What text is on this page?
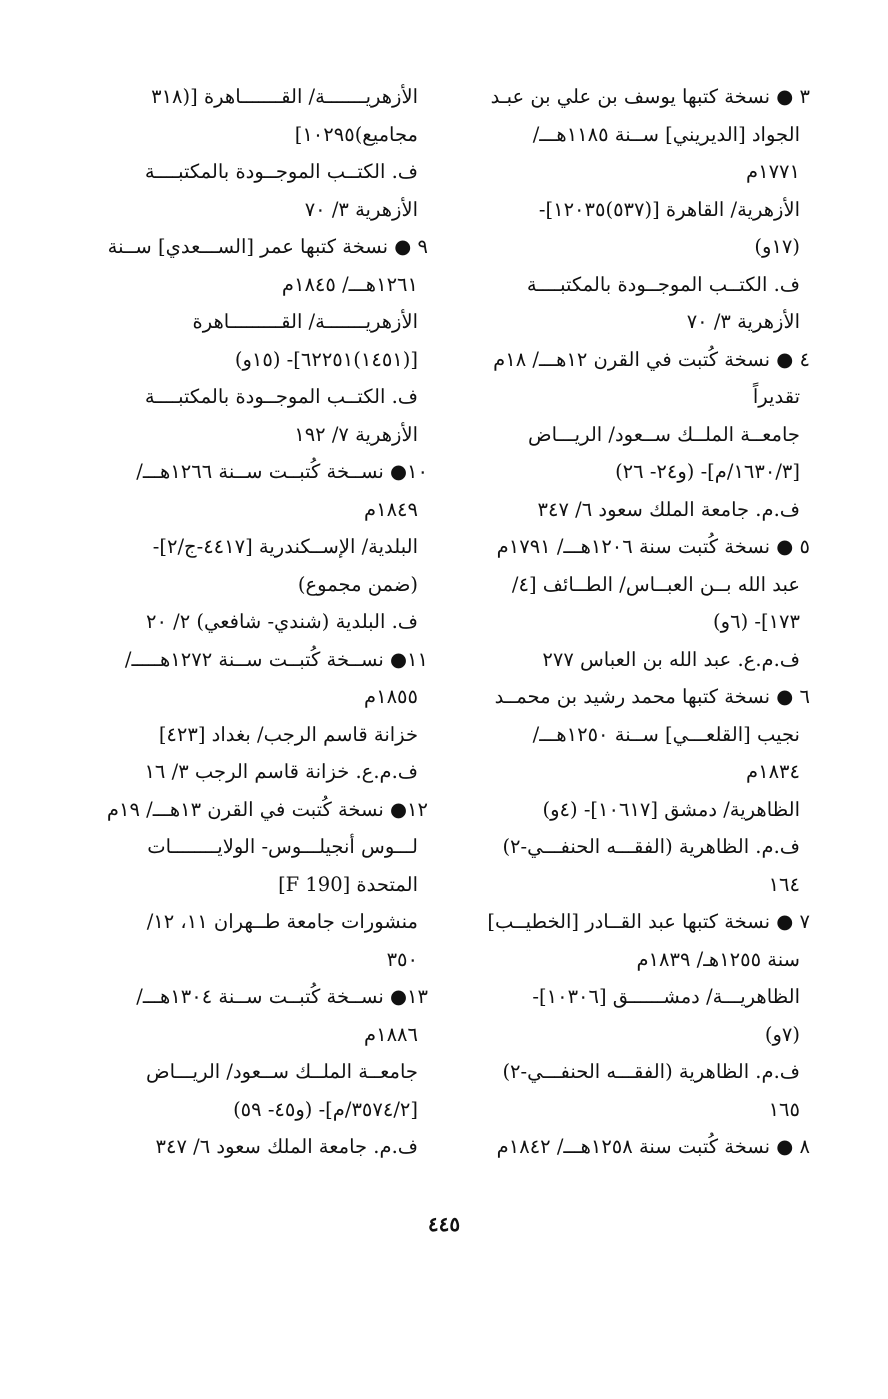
٣ ● نسخة كتبها يوسف بن علي بن عبـد
الجواد [الديريني] ســنة ١١٨٥هـــ/
١٧٧١م
الأزهرية/ القاهرة [(٥٣٧)١٢٠٣٥]-
(١٧و)
ف. الكتــب الموجــودة بالمكتبــــة
الأزهرية ٣/ ٧٠
٤ ● نسخة كُتبت في القرن ١٢هـــ/ ١٨م
تقديراً
جامعــة الملــك ســعود/ الريـــاض
[١٦٣٠/٣/م]- (و٢٤- ٢٦)
ف.م. جامعة الملك سعود ٦/ ٣٤٧
٥ ● نسخة كُتبت سنة ١٢٠٦هـــ/ ١٧٩١م
عبد الله بــن العبــاس/ الطــائف [٤/
١٧٣]- (٦و)
ف.م.ع. عبد الله بن العباس ٢٧٧
٦ ● نسخة كتبها محمد رشيد بن محمــد
نجيب [القلعـــي] ســنة ١٢٥٠هـــ/
١٨٣٤م
الظاهرية/ دمشق [١٠٦١٧]- (٤و)
ف.م. الظاهرية (الفقـــه الحنفـــي-٢)
١٦٤
٧ ● نسخة كتبها عبد القــادر [الخطيــب]
سنة ١٢٥٥هـ/ ١٨٣٩م
الظاهريـــة/ دمشــــــق [١٠٣٠٦]-
(٧و)
ف.م. الظاهرية (الفقـــه الحنفـــي-٢)
١٦٥
٨ ● نسخة كُتبت سنة ١٢٥٨هـــ/ ١٨٤٢م
الأزهريـــــــة/ القـــــــاهرة [(٣١٨
مجاميع)١٠٢٩٥]
ف. الكتــب الموجــودة بالمكتبــــة
الأزهرية ٣/ ٧٠
٩ ● نسخة كتبها عمر [الســـعدي] ســنة
١٢٦١هـــ/ ١٨٤٥م
الأزهريـــــــة/ القـــــــــاهرة
[(١٤٥١)٦٢٢٥١]- (١٥و)
ف. الكتــب الموجــودة بالمكتبــــة
الأزهرية ٧/ ١٩٢
١٠● نســخة كُتبــت ســنة ١٢٦٦هـــ/
١٨٤٩م
البلدية/ الإســكندرية [٤٤١٧-ج/٢]-
(ضمن مجموع)
ف. البلدية (شندي- شافعي) ٢/ ٢٠
١١● نســخة كُتبــت ســنة ١٢٧٢هـــــ/
١٨٥٥م
خزانة قاسم الرجب/ بغداد [٤٢٣]
ف.م.ع. خزانة قاسم الرجب ٣/ ١٦
١٢● نسخة كُتبت في القرن ١٣هـــ/ ١٩م
لـــوس أنجيلـــوس- الولايــــــــات
المتحدة [F 190]
منشورات جامعة طــهران ١١، ١٢/
٣٥٠
١٣● نســخة كُتبــت ســنة ١٣٠٤هـــ/
١٨٨٦م
جامعــة الملــك ســعود/ الريـــاض
[٣٥٧٤/٢/م]- (و٤٥- ٥٩)
ف.م. جامعة الملك سعود ٦/ ٣٤٧
٤٤٥
